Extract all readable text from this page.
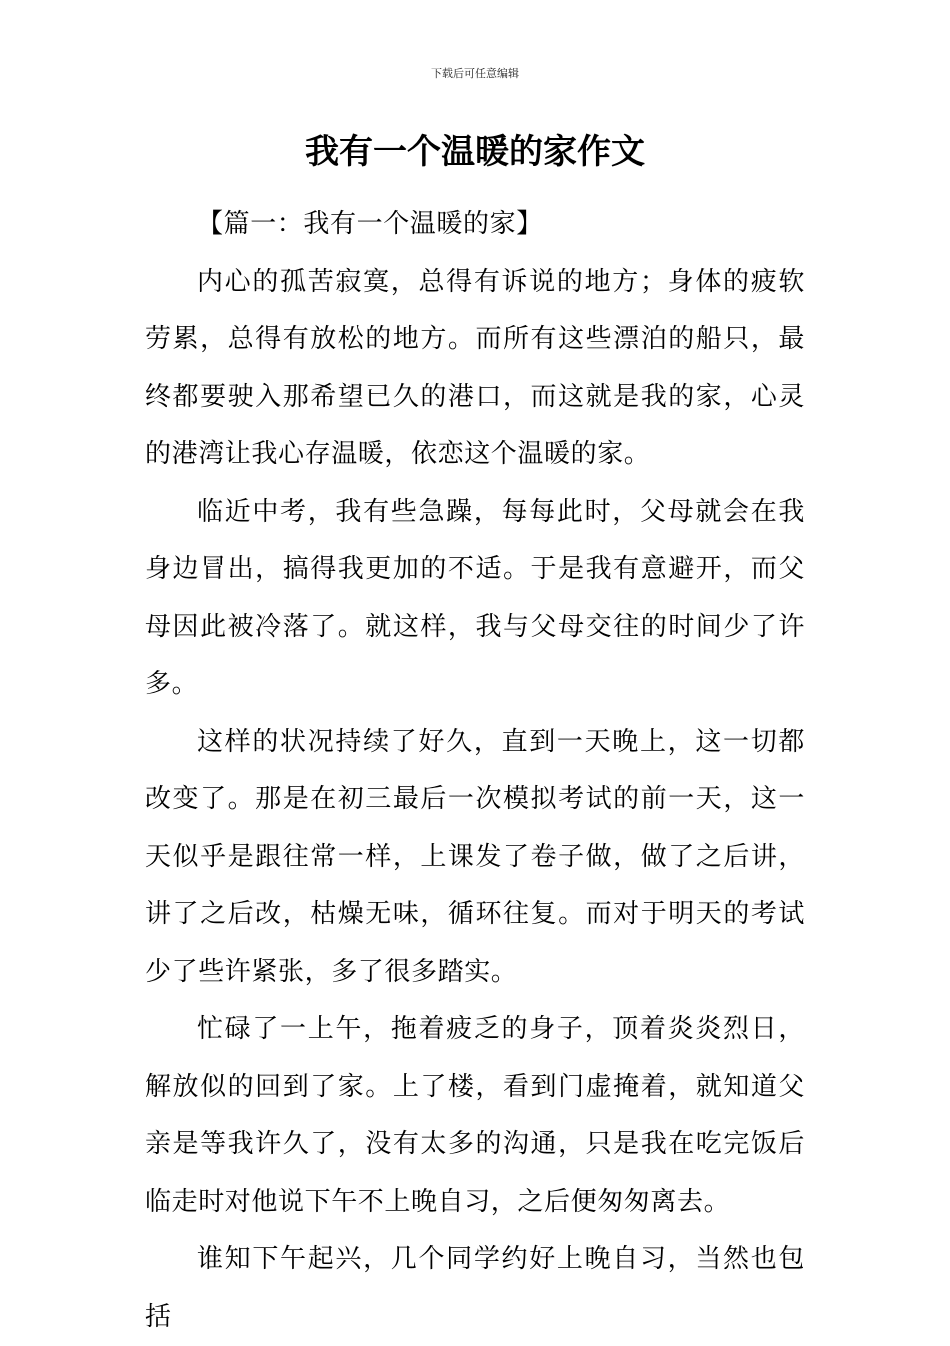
下载后可任意编辑
我有一个温暖的家作文

【篇一：我有一个温暖的家】

内心的孤苦寂寞，总得有诉说的地方；身体的疲软劳累，总得有放松的地方。而所有这些漂泊的船只，最终都要驶入那希望已久的港口，而这就是我的家，心灵的港湾让我心存温暖，依恋这个温暖的家。

临近中考，我有些急躁，每每此时，父母就会在我身边冒出，搞得我更加的不适。于是我有意避开，而父母因此被冷落了。就这样，我与父母交往的时间少了许多。

这样的状况持续了好久，直到一天晚上，这一切都改变了。那是在初三最后一次模拟考试的前一天，这一天似乎是跟往常一样，上课发了卷子做，做了之后讲，讲了之后改，枯燥无味，循环往复。而对于明天的考试少了些许紧张，多了很多踏实。

忙碌了一上午，拖着疲乏的身子，顶着炎炎烈日，解放似的回到了家。上了楼，看到门虚掩着，就知道父亲是等我许久了，没有太多的沟通，只是我在吃完饭后临走时对他说下午不上晚自习，之后便匆匆离去。

谁知下午起兴，几个同学约好上晚自习，当然也包括
